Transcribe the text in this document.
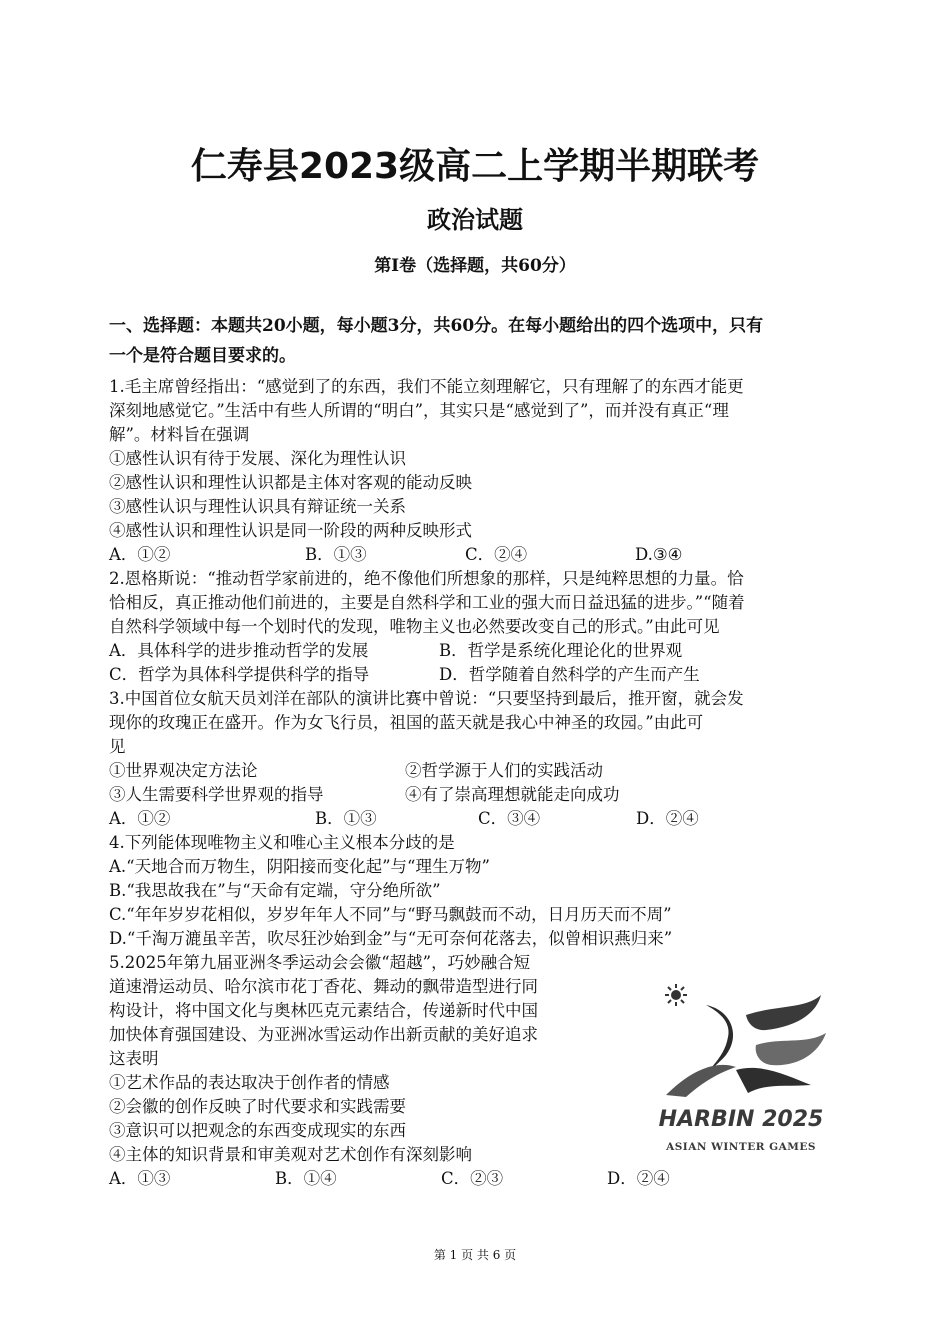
仁寿县2023级高二上学期半期联考
政治试题
第Ⅰ卷（选择题，共60分）
一、选择题：本题共20小题，每小题3分，共60分。在每小题给出的四个选项中，只有
一个是符合题目要求的。
1.毛主席曾经指出：“感觉到了的东西，我们不能立刻理解它，只有理解了的东西才能更
深刻地感觉它。”生活中有些人所谓的“明白”，其实只是“感觉到了”，而并没有真正“理
解”。材料旨在强调
①感性认识有待于发展、深化为理性认识
②感性认识和理性认识都是主体对客观的能动反映
③感性认识与理性认识具有辩证统一关系
④感性认识和理性认识是同一阶段的两种反映形式
A．①②	B．①③	C．②④	D.③④
2.恩格斯说：“推动哲学家前进的，绝不像他们所想象的那样，只是纯粹思想的力量。恰
恰相反，真正推动他们前进的，主要是自然科学和工业的强大而日益迅猛的进步。”“随着
自然科学领域中每一个划时代的发现，唯物主义也必然要改变自己的形式。”由此可见
A．具体科学的进步推动哲学的发展	B．哲学是系统化理论化的世界观
C．哲学为具体科学提供科学的指导	D．哲学随着自然科学的产生而产生
3.中国首位女航天员刘洋在部队的演讲比赛中曾说：“只要坚持到最后，推开窗，就会发
现你的玫瑰正在盛开。作为女飞行员，祖国的蓝天就是我心中神圣的玫园。”由此可
见
①世界观决定方法论	②哲学源于人们的实践活动
③人生需要科学世界观的指导	④有了崇高理想就能走向成功
A．①②	B．①③	C．③④	D．②④
4.下列能体现唯物主义和唯心主义根本分歧的是
A.“天地合而万物生，阴阳接而变化起”与“理生万物”
B.“我思故我在”与“天命有定端，守分绝所欲”
C.“年年岁岁花相似，岁岁年年人不同”与“野马飘鼓而不动，日月历天而不周”
D.“千淘万漉虽辛苦，吹尽狂沙始到金”与“无可奈何花落去，似曾相识燕归来”
5.2025年第九届亚洲冬季运动会会徽“超越”，巧妙融合短
道速滑运动员、哈尔滨市花丁香花、舞动的飘带造型进行同
构设计，将中国文化与奥林匹克元素结合，传递新时代中国
加快体育强国建设、为亚洲冰雪运动作出新贡献的美好追求
这表明
①艺术作品的表达取决于创作者的情感
②会徽的创作反映了时代要求和实践需要
③意识可以把观念的东西变成现实的东西
④主体的知识背景和审美观对艺术创作有深刻影响
A．①③	B．①④	C．②③	D．②④
HARBIN 2025
ASIAN WINTER GAMES
第 1 页 共 6 页
